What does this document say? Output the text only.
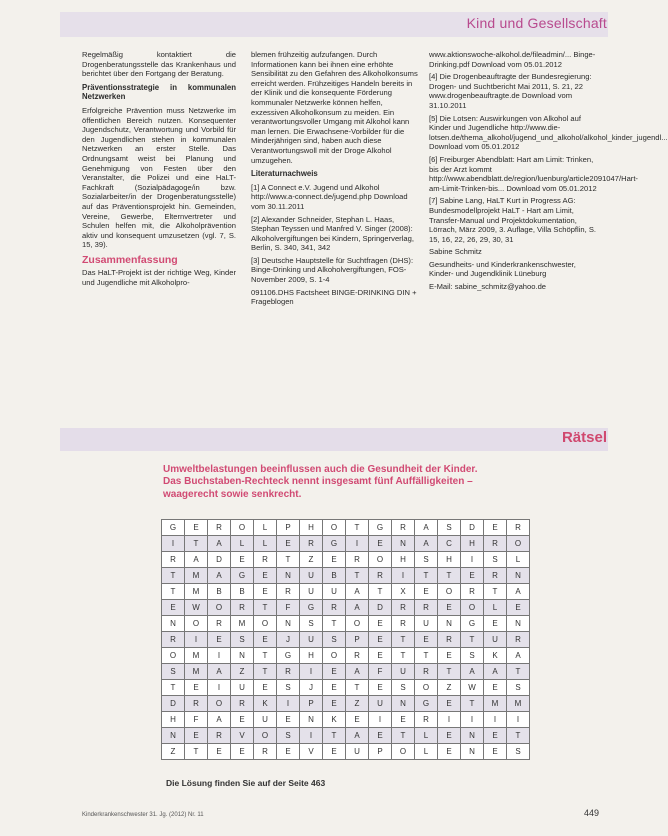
Kind und Gesellschaft

Regelmäßig kontaktiert die Drogenberatungsstelle das Krankenhaus und berichtet über den Fortgang der Beratung.

Präventionsstrategie in kommunalen Netzwerken

Erfolgreiche Prävention muss Netzwerke im öffentlichen Bereich nutzen. Konsequenter Jugendschutz, Verantwortung und Vorbild für den Jugendlichen stehen in kommunalen Netzwerken an erster Stelle. Das Ordnungsamt weist bei Planung und Genehmigung von Festen über den Veranstalter, die Polizei und eine HaLT-Fachkraft (Sozialpädagoge/in bzw. Sozialarbeiter/in der Drogenberatungsstelle) auf das Präventionsprojekt hin. Gemeinden, Vereine, Gewerbe, Elternvertreter und Schulen helfen mit, die Alkoholprävention aktiv und konsequent umzusetzen (vgl. 7, S. 15, 39).

Zusammenfassung

Das HaLT-Projekt ist der richtige Weg, Kinder und Jugendliche mit Alkoholpro-

blemen frühzeitig aufzufangen. Durch Informationen kann bei ihnen eine erhöhte Sensibilität zu den Gefahren des Alkoholkonsums erreicht werden. Frühzeitiges Handeln bereits in der Klinik und die konsequente Förderung kommunaler Netzwerke können helfen, exzessiven Alkoholkonsum zu meiden. Ein verantwortungsvoller Umgang mit Alkohol kann man lernen. Die Erwachsene-Vorbilder für die Minderjährigen sind, haben auch diese Verantwortungswoll mit der Droge Alkohol umzugehen.

Literaturnachweis

[1] A Connect e.V. Jugend und Alkohol http://www.a-connect.de/jugend.php Download vom 30.11.2011

[2] Alexander Schneider, Stephan L. Haas, Stephan Teyssen und Manfred V. Singer (2008): Alkoholvergiftungen bei Kindern, Springerverlag, Berlin, S. 340, 341, 342

[3] Deutsche Hauptstelle für Suchtfragen (DHS): Binge-Drinking und Alkoholvergiftungen, FOS-November 2009, S. 1-4

091106.DHS Factsheet BINGE-DRINKING DIN + Frageblogen

www.aktionswoche-alkohol.de/fileadmin/... Binge-Drinking.pdf Download vom 05.01.2012

[4] Die Drogenbeauftragte der Bundesregierung: Drogen- und Suchtbericht Mai 2011, S. 21, 22 www.drogenbeauftragte.de Download vom 31.10.2011

[5] Die Lotsen: Auswirkungen von Alkohol auf Kinder und Jugendliche http://www.die-lotsen.de/thema_alkohol/jugend_und_alkohol/alkohol_kinder_jugendl... Download vom 05.01.2012

[6] Freiburger Abendblatt: Hart am Limit: Trinken, bis der Arzt kommt http://www.abendblatt.de/region/luenburg/article2091047/Hart-am-Limit-Trinken-bis... Download vom 05.01.2012

[7] Sabine Lang, HaLT Kurt in Progress AG: Bundesmodellprojekt HaLT - Hart am Limit, Transfer-Manual und Projektdokumentation, Lörrach, März 2009, 3. Auflage, Villa Schöpflin, S. 15, 16, 22, 26, 29, 30, 31

Sabine Schmitz

Gesundheits- und Kinderkrankenschwester, Kinder- und Jugendklinik Lüneburg

E-Mail: sabine_schmitz@yahoo.de

Rätsel
Umweltbelastungen beeinflussen auch die Gesundheit der Kinder.
Das Buchstaben-Rechteck nennt insgesamt fünf Auffälligkeiten –
waagerecht sowie senkrecht.
G	E	R	O	L	P	H	O	T	G	R	A	S	D	E	R
I	T	A	L	L	E	R	G	I	E	N	A	C	H	R	O
R	A	D	E	R	T	Z	E	R	O	H	S	H	I	S	L
T	M	A	G	E	N	U	B	T	R	I	T	T	E	R	N
T	M	B	B	E	R	U	U	A	T	X	E	O	R	T	A
E	W	O	R	T	F	G	R	A	D	R	R	E	O	L	E
N	O	R	M	O	N	S	T	O	E	R	U	N	G	E	N
R	I	E	S	E	J	U	S	P	E	T	E	R	T	U	R
O	M	I	N	T	G	H	O	R	E	T	T	E	S	K	A
S	M	A	Z	T	R	I	E	A	F	U	R	T	A	A	T
T	E	I	U	E	S	J	E	T	E	S	O	Z	W	E	S
D	R	O	R	K	I	P	E	Z	U	N	G	E	T	M	M
H	F	A	E	U	E	N	K	E	I	E	R	I	I	I	I
N	E	R	V	O	S	I	T	A	E	T	L	E	N	E	T
Z	T	E	E	R	E	V	E	U	P	O	L	E	N	E	S
Die Lösung finden Sie auf der Seite 463
Kinderkrankenschwester 31. Jg. (2012) Nr. 11	449
